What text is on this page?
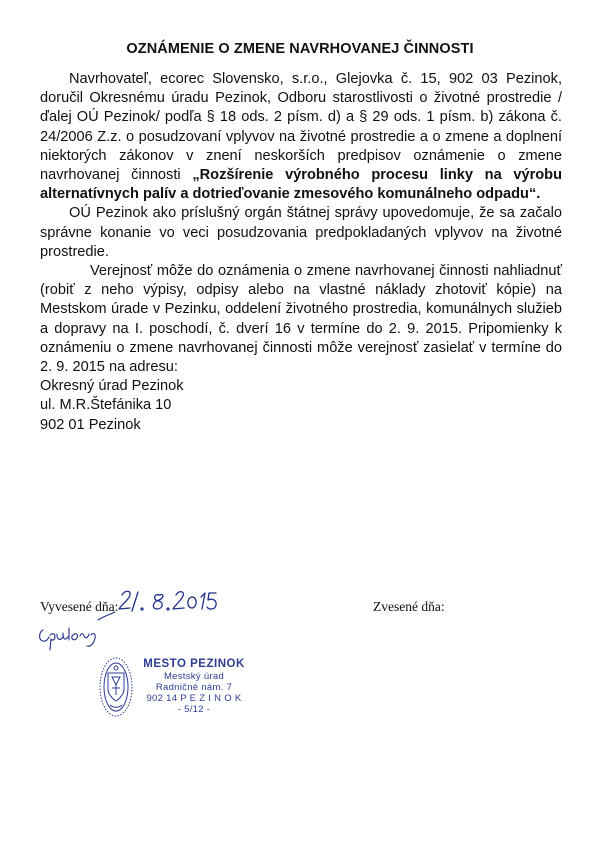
OZNÁMENIE O ZMENE NAVRHOVANEJ ČINNOSTI

Navrhovateľ, ecorec Slovensko, s.r.o., Glejovka č. 15, 902 03 Pezinok, doručil Okresnému úradu Pezinok, Odboru starostlivosti o životné prostredie /ďalej OÚ Pezinok/ podľa § 18 ods. 2 písm. d) a § 29 ods. 1 písm. b) zákona č. 24/2006 Z.z. o posudzovaní vplyvov na životné prostredie a o zmene a doplnení niektorých zákonov v znení neskorších predpisov oznámenie o zmene navrhovanej činnosti „Rozšírenie výrobného procesu linky na výrobu alternatívnych palív a dotrieďovanie zmesového komunálneho odpadu“.

OÚ Pezinok ako príslušný orgán štátnej správy upovedomuje, že sa začalo správne konanie vo veci posudzovania predpokladaných vplyvov na životné prostredie.

Verejnosť môže do oznámenia o zmene navrhovanej činnosti nahliadnuť (robiť z neho výpisy, odpisy alebo na vlastné náklady zhotoviť kópie) na Mestskom úrade v Pezinku, oddelení životného prostredia, komunálnych služieb a dopravy na I. poschodí, č. dverí 16 v termíne do 2. 9. 2015. Pripomienky k oznámeniu o zmene navrhovanej činnosti môže verejnosť zasielať v termíne do 2. 9. 2015 na adresu:

Okresný úrad Pezinok
ul. M.R.Štefánika 10
902 01 Pezinok
Vyvesené dňa:	Zvesené dňa:
MESTO PEZINOK
Mestský úrad
Radničné nám. 7
902 14 P E Z I N O K
- 5/12 -
